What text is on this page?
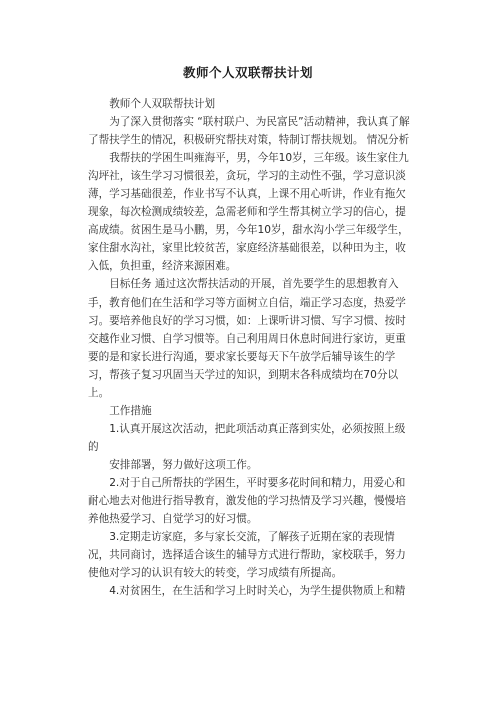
教师个人双联帮扶计划

教师个人双联帮扶计划

为了深入贯彻落实 “联村联户、为民富民”活动精神，我认真了解了帮扶学生的情况，积极研究帮扶对策，特制订帮扶规划。 情况分析

我帮扶的学困生叫雍海平，男，今年10岁，三年级。该生家住九沟坪社，该生学习习惯很差，贪玩，学习的主动性不强，学习意识淡薄，学习基础很差，作业书写不认真，上课不用心听讲，作业有拖欠现象，每次检测成绩较差，急需老师和学生帮其树立学习的信心，提高成绩。贫困生是马小鹏，男，今年10岁，甜水沟小学三年级学生，家住甜水沟社，家里比较贫苦，家庭经济基础很差，以种田为主，收入低，负担重，经济来源困难。

目标任务 通过这次帮扶活动的开展，首先要学生的思想教育入手，教育他们在生活和学习等方面树立自信，端正学习态度，热爱学习。要培养他良好的学习习惯，如：上课听讲习惯、写字习惯、按时交越作业习惯、自学习惯等。自己利用周日休息时间进行家访，更重要的是和家长进行沟通，要求家长要每天下午放学后辅导该生的学习，帮孩子复习巩固当天学过的知识，到期末各科成绩均在70分以上。

工作措施

1.认真开展这次活动，把此项活动真正落到实处，必须按照上级的

安排部署，努力做好这项工作。

2.对于自己所帮扶的学困生，平时要多花时间和精力，用爱心和耐心地去对他进行指导教育，激发他的学习热情及学习兴趣，慢慢培养他热爱学习、自觉学习的好习惯。

3.定期走访家庭，多与家长交流，了解孩子近期在家的表现情况，共同商讨，选择适合该生的辅导方式进行帮助，家校联手，努力使他对学习的认识有较大的转变，学习成绩有所提高。

4.对贫困生，在生活和学习上时时关心，为学生提供物质上和精
